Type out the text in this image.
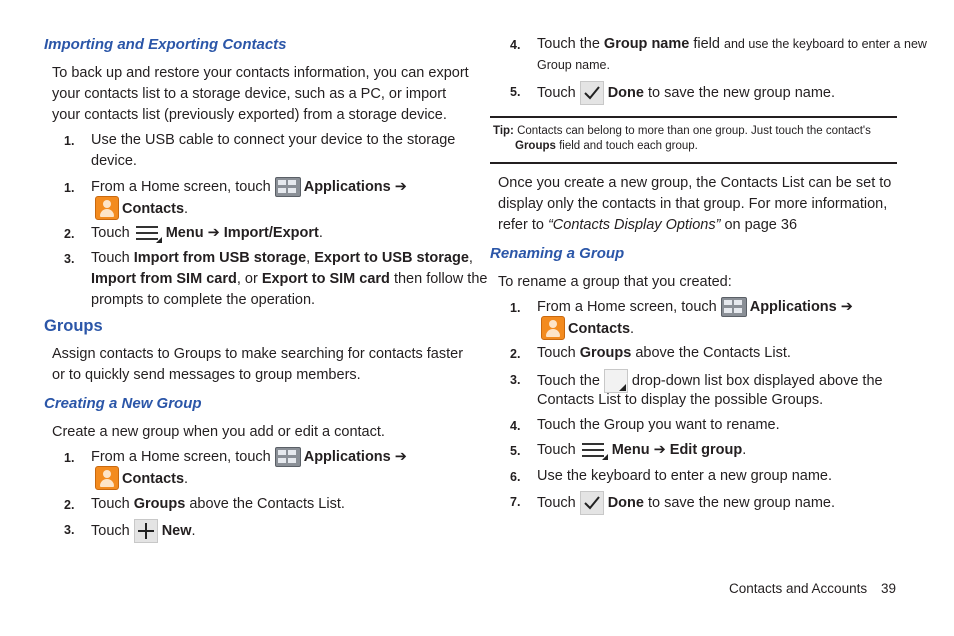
Importing and Exporting Contacts
To back up and restore your contacts information, you can export
your contacts list to a storage device, such as a PC, or import
your contacts list (previously exported) from a storage device.
1. Use the USB cable to connect your device to the storage
device.
1. From a Home screen, touch Applications ➔
Contacts.
2. Touch Menu ➔ Import/Export.
3. Touch Import from USB storage, Export to USB storage,
Import from SIM card, or Export to SIM card then follow the
prompts to complete the operation.
Groups
Assign contacts to Groups to make searching for contacts faster
or to quickly send messages to group members.
Creating a New Group
Create a new group when you add or edit a contact.
1. From a Home screen, touch Applications ➔
Contacts.
2. Touch Groups above the Contacts List.
3. Touch New.
4. Touch the Group name field and use the keyboard to enter a new
Group name.
5. Touch Done to save the new group name.
Tip: Contacts can belong to more than one group. Just touch the contact's
Groups field and touch each group.
Once you create a new group, the Contacts List can be set to
display only the contacts in that group. For more information,
refer to “Contacts Display Options” on page 36
Renaming a Group
To rename a group that you created:
1. From a Home screen, touch Applications ➔
Contacts.
2. Touch Groups above the Contacts List.
3. Touch the drop-down list box displayed above the
Contacts List to display the possible Groups.
4. Touch the Group you want to rename.
5. Touch Menu ➔ Edit group.
6. Use the keyboard to enter a new group name.
7. Touch Done to save the new group name.
Contacts and Accounts 39
